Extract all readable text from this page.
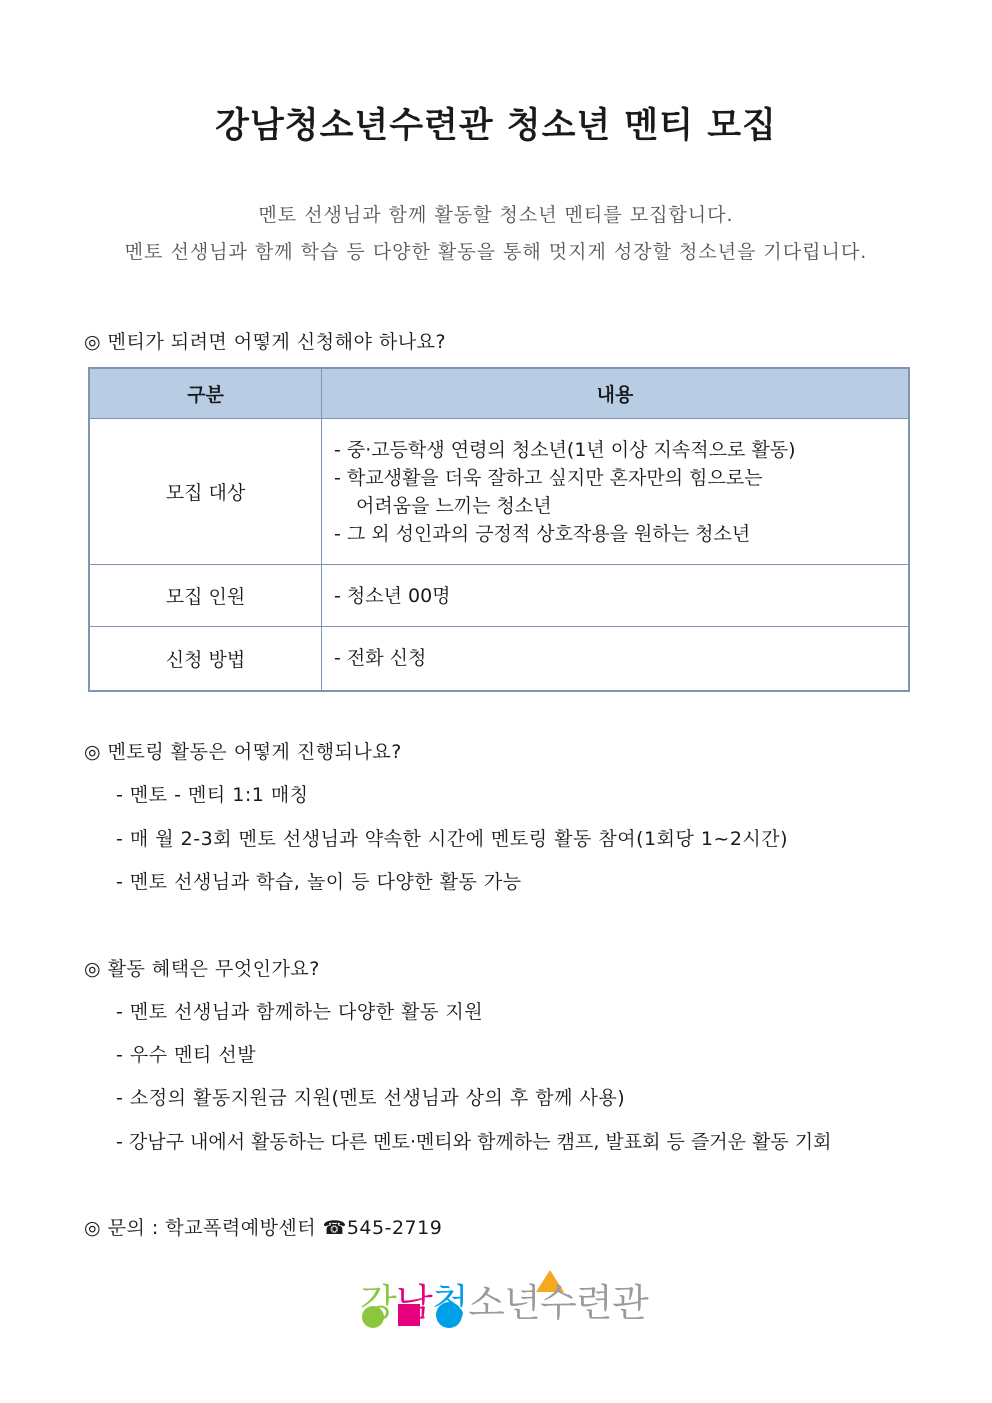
강남청소년수련관 청소년 멘티 모집
멘토 선생님과 함께 활동할 청소년 멘티를 모집합니다.
멘토 선생님과 함께 학습 등 다양한 활동을 통해 멋지게 성장할 청소년을 기다립니다.
◎ 멘티가 되려면 어떻게 신청해야 하나요?
구분	내용
모집 대상	- 중·고등학생 연령의 청소년(1년 이상 지속적으로 활동)
- 학교생활을 더욱 잘하고 싶지만 혼자만의 힘으로는
어려움을 느끼는 청소년
- 그 외 성인과의 긍정적 상호작용을 원하는 청소년

모집 인원	- 청소년 00명
신청 방법	- 전화 신청
◎ 멘토링 활동은 어떻게 진행되나요?
- 멘토 - 멘티 1:1 매칭
- 매 월 2-3회 멘토 선생님과 약속한 시간에 멘토링 활동 참여(1회당 1~2시간)
- 멘토 선생님과 학습, 놀이 등 다양한 활동 가능
◎ 활동 혜택은 무엇인가요?
- 멘토 선생님과 함께하는 다양한 활동 지원
- 우수 멘티 선발
- 소정의 활동지원금 지원(멘토 선생님과 상의 후 함께 사용)
- 강남구 내에서 활동하는 다른 멘토·멘티와 함께하는 캠프, 발표회 등 즐거운 활동 기회
◎ 문의 : 학교폭력예방센터 ☎545-2719
강 남 청 소 년 수 련 관
